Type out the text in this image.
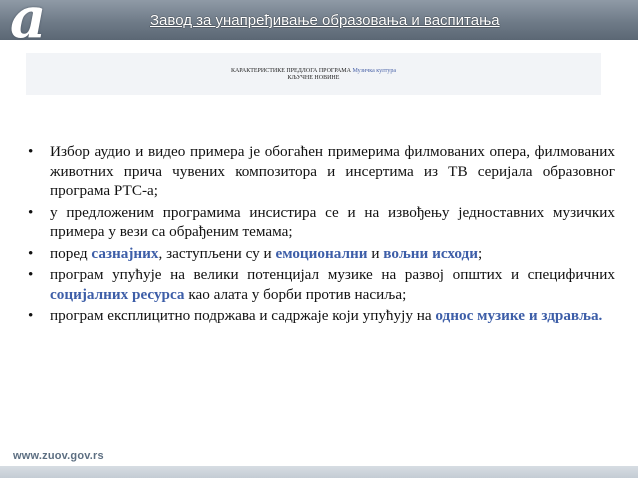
a	Завод за унапређивање образовања и васпитања
КАРАКТЕРИСТИКЕ ПРЕДЛОГА ПРОГРАМА Музичка култура
КЉУЧНЕ НОВИНЕ
• Избор аудио и видео примера је обогаћен примерима филмованих опера, филмованих животних прича чувених композитора и инсертима из ТВ серијала образовног програма РТС-а;
• у предложеним програмима инсистира се и на извођењу једноставних музичких примера у вези са обрађеним темама;
• поред сазнајних, заступљени су и емоционални и вољни исходи;
• програм упућује на велики потенцијал музике на развој општих и специфичних социјалних ресурса као алата у борби против насиља;
• програм експлицитно подржава и садржаје који упућују на однос музике и здравља.
www.zuov.gov.rs
